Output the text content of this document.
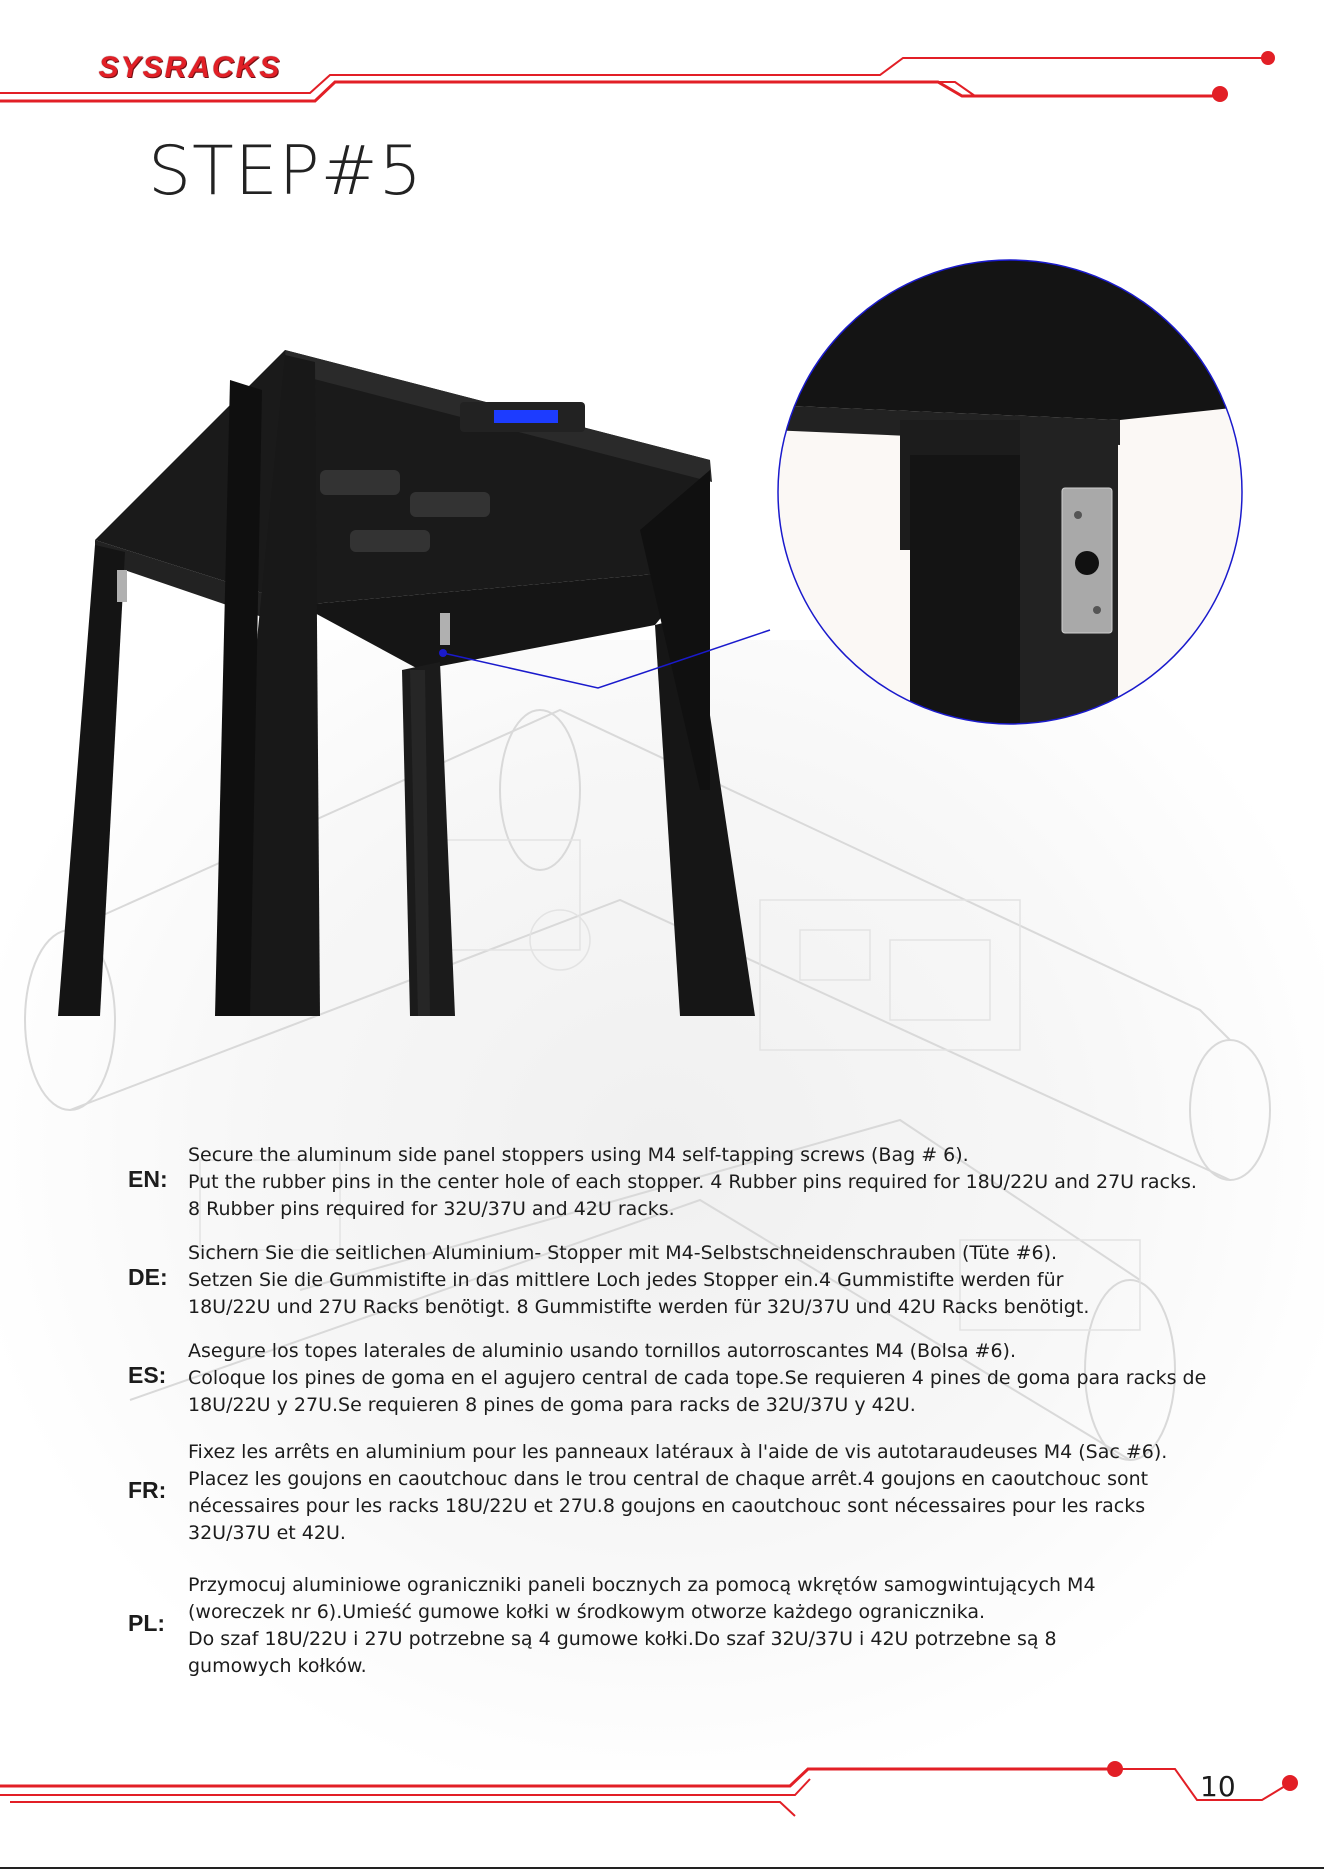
SYSRACKS
STEP#5
EN:
Secure the aluminum side panel stoppers using M4 self-tapping screws (Bag # 6).
Put the rubber pins in the center hole of each stopper. 4 Rubber pins required for 18U/22U and 27U racks.
8 Rubber pins required for 32U/37U and 42U racks.
DE:
Sichern Sie die seitlichen Aluminium- Stopper mit M4-Selbstschneidenschrauben (Tüte #6).
Setzen Sie die Gummistifte in das mittlere Loch jedes Stopper ein.4 Gummistifte werden für
18U/22U und 27U Racks benötigt. 8 Gummistifte werden für 32U/37U und 42U Racks benötigt.
ES:
Asegure los topes laterales de aluminio usando tornillos autorroscantes M4 (Bolsa #6).
Coloque los pines de goma en el agujero central de cada tope.Se requieren 4 pines de goma para racks de
18U/22U y 27U.Se requieren 8 pines de goma para racks de 32U/37U y 42U.
FR:
Fixez les arrêts en aluminium pour les panneaux latéraux à l'aide de vis autotaraudeuses M4 (Sac #6).
Placez les goujons en caoutchouc dans le trou central de chaque arrêt.4 goujons en caoutchouc sont
nécessaires pour les racks 18U/22U et 27U.8 goujons en caoutchouc sont nécessaires pour les racks
32U/37U et 42U.
PL:
Przymocuj aluminiowe ograniczniki paneli bocznych za pomocą wkrętów samogwintujących M4
(woreczek nr 6).Umieść gumowe kołki w środkowym otworze każdego ogranicznika.
Do szaf 18U/22U i 27U potrzebne są 4 gumowe kołki.Do szaf 32U/37U i 42U potrzebne są 8
gumowych kołków.
10
